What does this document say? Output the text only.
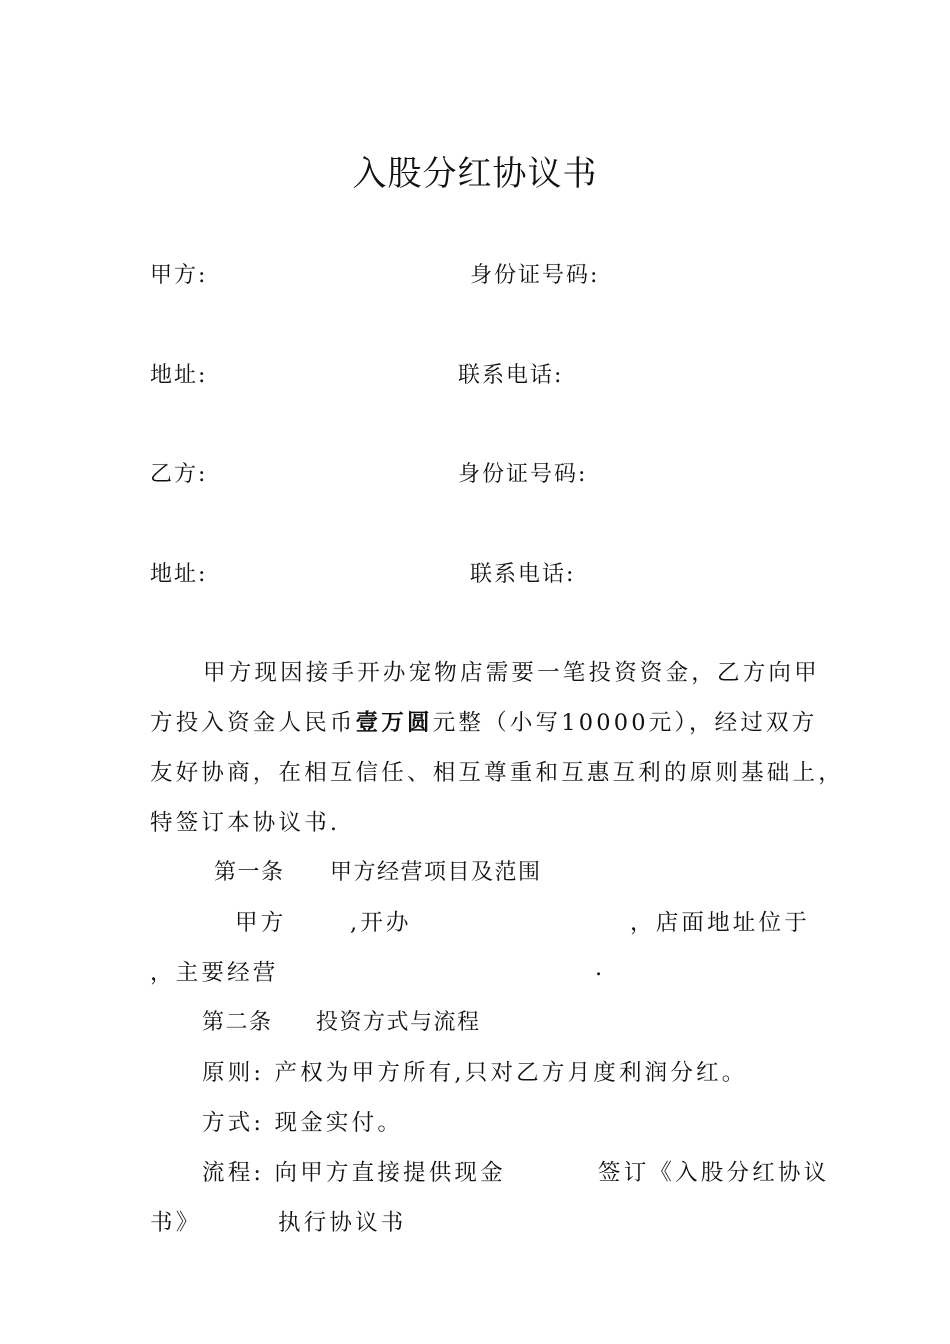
入股分红协议书
甲方:	身份证号码:
地址:	联系电话:
乙方:	身份证号码:
地址:	联系电话:
甲方现因接手开办宠物店需要一笔投资资金，乙方向甲
方投入资金人民币壹万圆元整（小写10000元），经过双方
友好协商，在相互信任、相互尊重和互惠互利的原则基础上，
特签订本协议书.
第一条 甲方经营项目及范围
甲方	,开办	，店面地址位于
，主要经营	.
第二条 投资方式与流程
原则: 产权为甲方所有,只对乙方月度利润分红。
方式: 现金实付。
流程: 向甲方直接提供现金	签订《入股分红协议
书》	执行协议书
